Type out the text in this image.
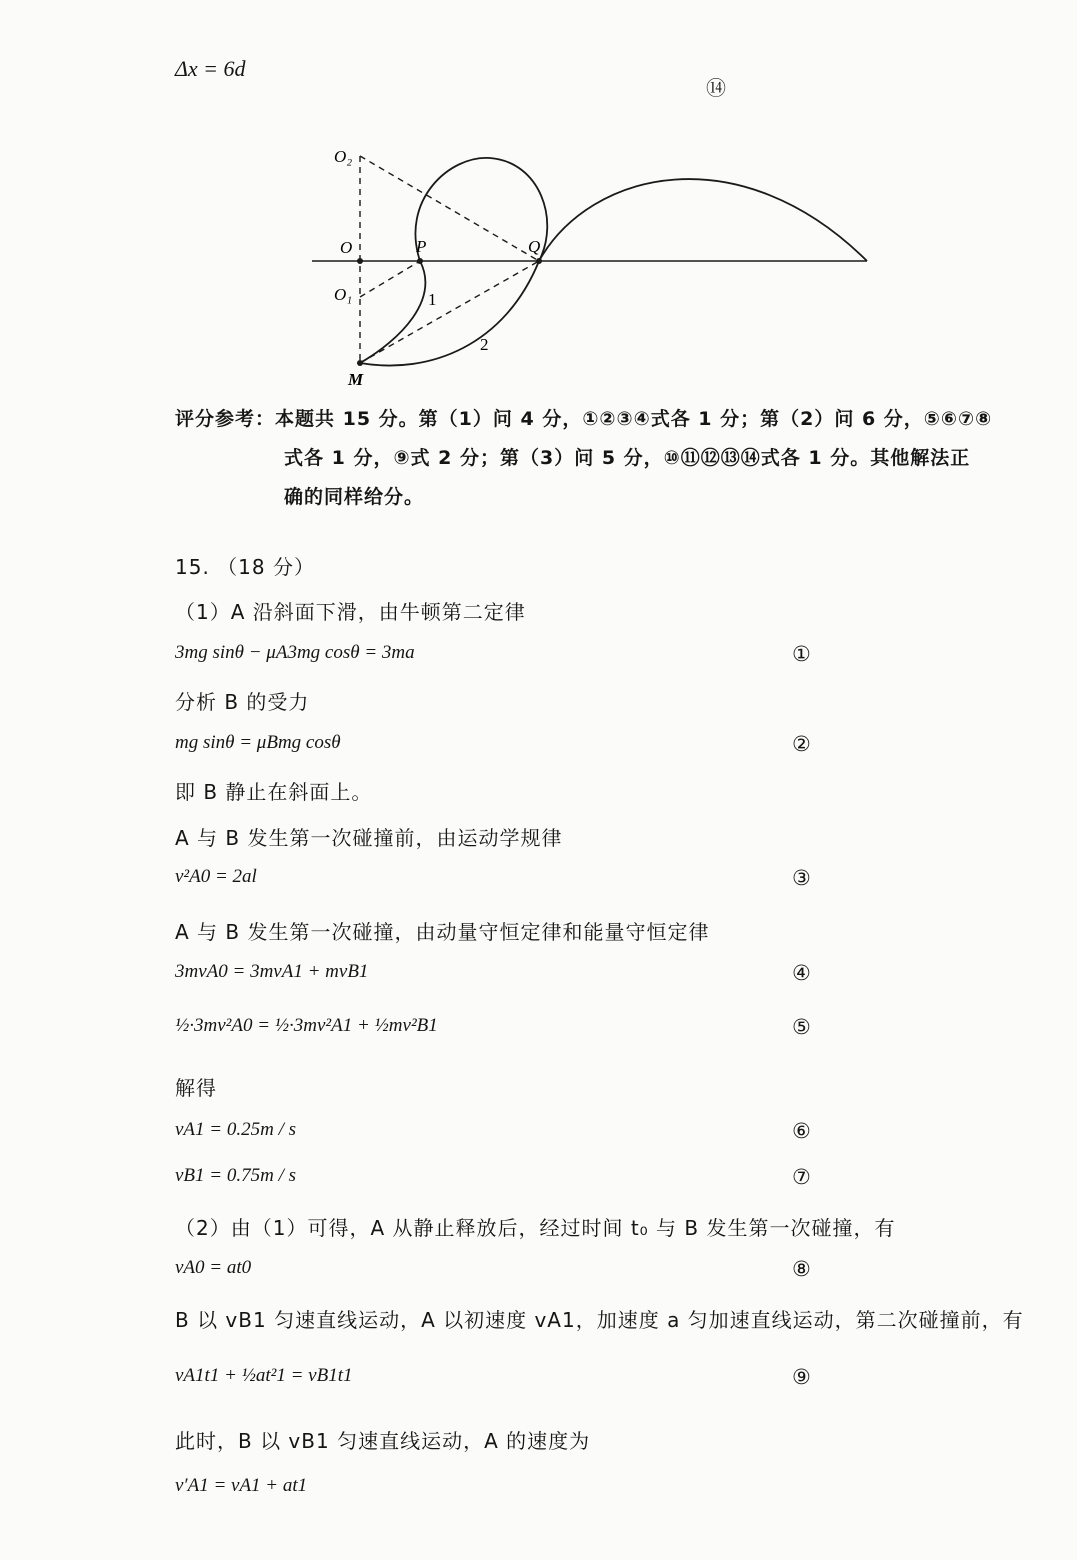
Δx = 6d
⑭
O₂
O
O₁
P	Q
M
1
2
评分参考：本题共 15 分。第（1）问 4 分，①②③④式各 1 分；第（2）问 6 分，⑤⑥⑦⑧
式各 1 分，⑨式 2 分；第（3）问 5 分，⑩⑪⑫⑬⑭式各 1 分。其他解法正
确的同样给分。
15. （18 分）
（1）A 沿斜面下滑，由牛顿第二定律
3mg sinθ − μA3mg cosθ = 3ma	①
分析 B 的受力
mg sinθ = μBmg cosθ	②
即 B 静止在斜面上。
A 与 B 发生第一次碰撞前，由运动学规律
v²A0 = 2al	③
A 与 B 发生第一次碰撞，由动量守恒定律和能量守恒定律
3mvA0 = 3mvA1 + mvB1	④
½·3mv²A0 = ½·3mv²A1 + ½mv²B1	⑤
解得
vA1 = 0.25m / s	⑥
vB1 = 0.75m / s	⑦
（2）由（1）可得，A 从静止释放后，经过时间 t₀ 与 B 发生第一次碰撞，有
vA0 = at0	⑧
B 以 vB1 匀速直线运动，A 以初速度 vA1，加速度 a 匀加速直线运动，第二次碰撞前，有
vA1t1 + ½at²1 = vB1t1	⑨
此时，B 以 vB1 匀速直线运动，A 的速度为
v′A1 = vA1 + at1
